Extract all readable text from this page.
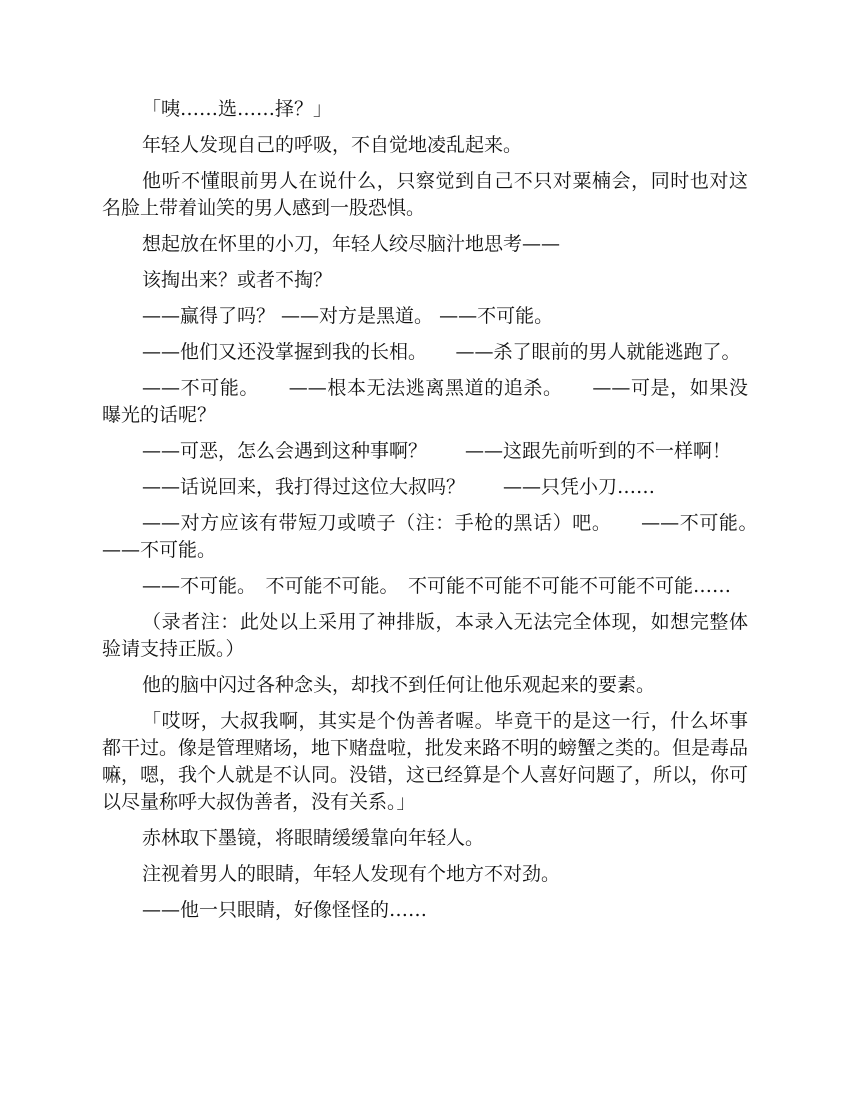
「咦……选……择？」

年轻人发现自己的呼吸，不自觉地凌乱起来。

他听不懂眼前男人在说什么，只察觉到自己不只对粟楠会，同时也对这名脸上带着讪笑的男人感到一股恐惧。

想起放在怀里的小刀，年轻人绞尽脑汁地思考——

该掏出来？或者不掏？

——赢得了吗？ ——对方是黑道。 ——不可能。

——他们又还没掌握到我的长相。　　——杀了眼前的男人就能逃跑了。

——不可能。　　——根本无法逃离黑道的追杀。　　——可是，如果没曝光的话呢？

——可恶，怎么会遇到这种事啊？　　——这跟先前听到的不一样啊！

——话说回来，我打得过这位大叔吗？　　——只凭小刀……

——对方应该有带短刀或喷子（注：手枪的黑话）吧。　　——不可能。　　——不可能。

——不可能。　不可能不可能。　不可能不可能不可能不可能不可能……

（录者注：此处以上采用了神排版，本录入无法完全体现，如想完整体验请支持正版。）

他的脑中闪过各种念头，却找不到任何让他乐观起来的要素。

「哎呀，大叔我啊，其实是个伪善者喔。毕竟干的是这一行，什么坏事都干过。像是管理赌场，地下赌盘啦，批发来路不明的螃蟹之类的。但是毒品嘛，嗯，我个人就是不认同。没错，这已经算是个人喜好问题了，所以，你可以尽量称呼大叔伪善者，没有关系。」

赤林取下墨镜，将眼睛缓缓靠向年轻人。

注视着男人的眼睛，年轻人发现有个地方不对劲。

——他一只眼睛，好像怪怪的……
